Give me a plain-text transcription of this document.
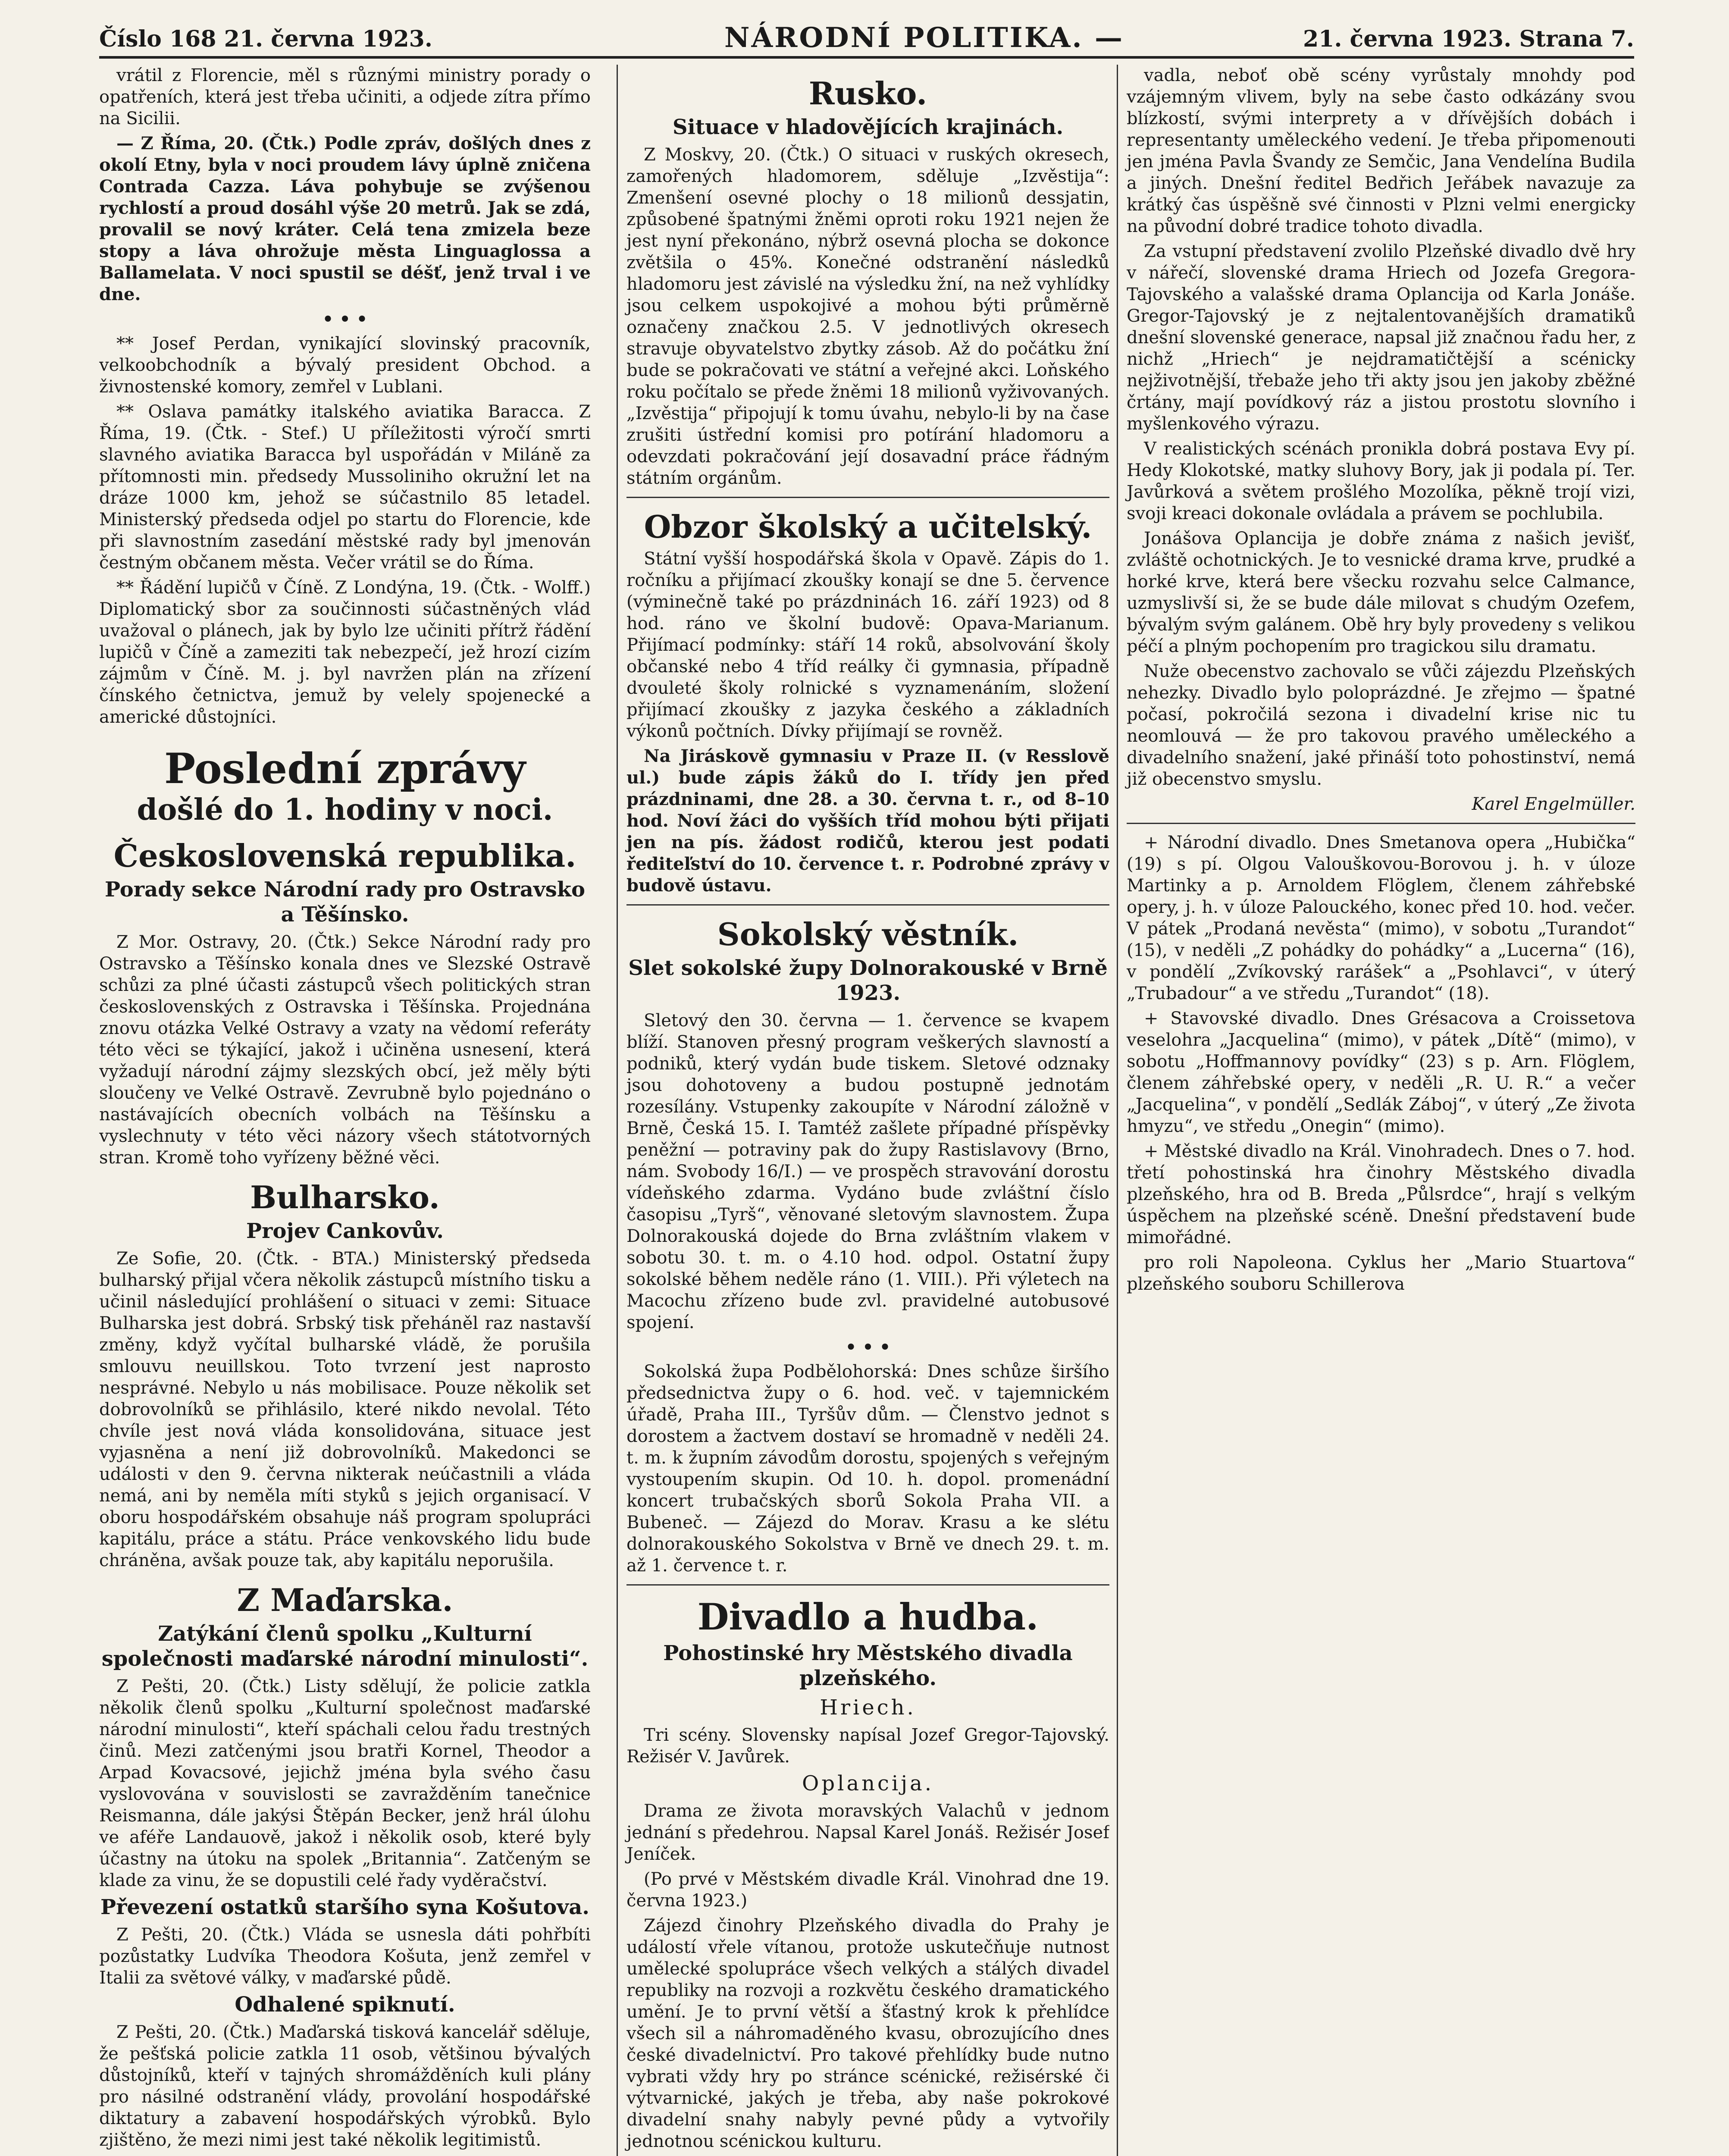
Číslo 168 21. června 1923.	NÁRODNÍ POLITIKA. —	21. června 1923. Strana 7.

vrátil z Florencie, měl s různými ministry porady o opatřeních, která jest třeba učiniti, a odjede zítra přímo na Sicilii.

— Z Říma, 20. (Čtk.) Podle zpráv, došlých dnes z okolí Etny, byla v noci proudem lávy úplně zničena Contrada Cazza. Láva pohybuje se zvýšenou rychlostí a proud dosáhl výše 20 metrů. Jak se zdá, provalil se nový kráter. Celá tena zmizela beze stopy a láva ohrožuje města Linguaglossa a Ballamelata. V noci spustil se déšť, jenž trval i ve dne.

• • •

** Josef Perdan, vynikající slovinský pracovník, velkoobchodník a bývalý president Obchod. a živnostenské komory, zemřel v Lublani.

** Oslava památky italského aviatika Baracca. Z Říma, 19. (Čtk. - Stef.) U příležitosti výročí smrti slavného aviatika Baracca byl uspořádán v Miláně za přítomnosti min. předsedy Mussoliniho okružní let na dráze 1000 km, jehož se súčastnilo 85 letadel. Ministerský předseda odjel po startu do Florencie, kde při slavnostním zasedání městské rady byl jmenován čestným občanem města. Večer vrátil se do Říma.

** Řádění lupičů v Číně. Z Londýna, 19. (Čtk. - Wolff.) Diplomatický sbor za součinnosti súčastněných vlád uvažoval o plánech, jak by bylo lze učiniti přítrž řádění lupičů v Číně a zameziti tak nebezpečí, jež hrozí cizím zájmům v Číně. M. j. byl navržen plán na zřízení čínského četnictva, jemuž by velely spojenecké a americké důstojníci.

Poslední zprávy
došlé do 1. hodiny v noci.
Československá republika.
Porady sekce Národní rady pro Ostravsko a Těšínsko.

Z Mor. Ostravy, 20. (Čtk.) Sekce Národní rady pro Ostravsko a Těšínsko konala dnes ve Slezské Ostravě schůzi za plné účasti zástupců všech politických stran československých z Ostravska i Těšínska. Projednána znovu otázka Velké Ostravy a vzaty na vědomí referáty této věci se týkající, jakož i učiněna usnesení, která vyžadují národní zájmy slezských obcí, jež měly býti sloučeny ve Velké Ostravě. Zevrubně bylo pojednáno o nastávajících obecních volbách na Těšínsku a vyslechnuty v této věci názory všech státotvorných stran. Kromě toho vyřízeny běžné věci.

Bulharsko.
Projev Cankovův.

Ze Sofie, 20. (Čtk. - BTA.) Ministerský předseda bulharský přijal včera několik zástupců místního tisku a učinil následující prohlášení o situaci v zemi: Situace Bulharska jest dobrá. Srbský tisk přeháněl raz nastavší změny, když vyčítal bulharské vládě, že porušila smlouvu neuillskou. Toto tvrzení jest naprosto nesprávné. Nebylo u nás mobilisace. Pouze několik set dobrovolníků se přihlásilo, které nikdo nevolal. Této chvíle jest nová vláda konsolidována, situace jest vyjasněna a není již dobrovolníků. Makedonci se události v den 9. června nikterak neúčastnili a vláda nemá, ani by neměla míti styků s jejich organisací. V oboru hospodářském obsahuje náš program spolupráci kapitálu, práce a státu. Práce venkovského lidu bude chráněna, avšak pouze tak, aby kapitálu neporušila.

Z Maďarska.
Zatýkání členů spolku „Kulturní společnosti maďarské národní minulosti“.

Z Pešti, 20. (Čtk.) Listy sdělují, že policie zatkla několik členů spolku „Kulturní společnost maďarské národní minulosti“, kteří spáchali celou řadu trestných činů. Mezi zatčenými jsou bratři Kornel, Theodor a Arpad Kovacsové, jejichž jména byla svého času vyslovována v souvislosti se zavražděním tanečnice Reismanna, dále jakýsi Štěpán Becker, jenž hrál úlohu ve aféře Landauově, jakož i několik osob, které byly účastny na útoku na spolek „Britannia“. Zatčeným se klade za vinu, že se dopustili celé řady vyděračství.

Převezení ostatků staršího syna Košutova.

Z Pešti, 20. (Čtk.) Vláda se usnesla dáti pohřbíti pozůstatky Ludvíka Theodora Košuta, jenž zemřel v Italii za světové války, v maďarské půdě.

Odhalené spiknutí.

Z Pešti, 20. (Čtk.) Maďarská tisková kancelář sděluje, že pešťská policie zatkla 11 osob, většinou bývalých důstojníků, kteří v tajných shromážděních kuli plány pro násilné odstranění vlády, provolání hospodářské diktatury a zabavení hospodářských výrobků. Bylo zjištěno, že mezi nimi jest také několik legitimistů.

Rusko.
Situace v hladovějících krajinách.

Z Moskvy, 20. (Čtk.) O situaci v ruských okresech, zamořených hladomorem, sděluje „Izvěstija“: Zmenšení osevné plochy o 18 milionů dessjatin, způsobené špatnými žněmi oproti roku 1921 nejen že jest nyní překonáno, nýbrž osevná plocha se dokonce zvětšila o 45%. Konečné odstranění následků hladomoru jest závislé na výsledku žní, na než vyhlídky jsou celkem uspokojivé a mohou býti průměrně označeny značkou 2.5. V jednotlivých okresech stravuje obyvatelstvo zbytky zásob. Až do počátku žní bude se pokračovati ve státní a veřejné akci. Loňského roku počítalo se přede žněmi 18 milionů vyživovaných. „Izvěstija“ připojují k tomu úvahu, nebylo-li by na čase zrušiti ústřední komisi pro potírání hladomoru a odevzdati pokračování její dosavadní práce řádným státním orgánům.

Obzor školský a učitelský.

Státní vyšší hospodářská škola v Opavě. Zápis do 1. ročníku a přijímací zkoušky konají se dne 5. července (výminečně také po prázdninách 16. září 1923) od 8 hod. ráno ve školní budově: Opava-Marianum. Přijímací podmínky: stáří 14 roků, absolvování školy občanské nebo 4 tříd reálky či gymnasia, případně dvouleté školy rolnické s vyznamenáním, složení přijímací zkoušky z jazyka českého a základních výkonů počtních. Dívky přijímají se rovněž.

Na Jiráskově gymnasiu v Praze II. (v Resslově ul.) bude zápis žáků do I. třídy jen před prázdninami, dne 28. a 30. června t. r., od 8–10 hod. Noví žáci do vyšších tříd mohou býti přijati jen na pís. žádost rodičů, kterou jest podati řediteľství do 10. července t. r. Podrobné zprávy v budově ústavu.

Sokolský věstník.
Slet sokolské župy Dolnorakouské v Brně 1923.

Sletový den 30. června — 1. července se kvapem blíží. Stanoven přesný program veškerých slavností a podniků, který vydán bude tiskem. Sletové odznaky jsou dohotoveny a budou postupně jednotám rozesílány. Vstupenky zakoupíte v Národní záložně v Brně, Česká 15. I. Tamtéž zašlete případné příspěvky peněžní — potraviny pak do župy Rastislavovy (Brno, nám. Svobody 16/I.) — ve prospěch stravování dorostu vídeňského zdarma. Vydáno bude zvláštní číslo časopisu „Tyrš“, věnované sletovým slavnostem. Župa Dolnorakouská dojede do Brna zvláštním vlakem v sobotu 30. t. m. o 4.10 hod. odpol. Ostatní župy sokolské během neděle ráno (1. VIII.). Při výletech na Macochu zřízeno bude zvl. pravidelné autobusové spojení.

• • •

Sokolská župa Podbělohorská: Dnes schůze širšího předsednictva župy o 6. hod. več. v tajemnickém úřadě, Praha III., Tyršův dům. — Členstvo jednot s dorostem a žactvem dostaví se hromadně v neděli 24. t. m. k župním závodům dorostu, spojených s veřejným vystoupením skupin. Od 10. h. dopol. promenádní koncert trubačských sborů Sokola Praha VII. a Bubeneč. — Zájezd do Morav. Krasu a ke slétu dolnorakouského Sokolstva v Brně ve dnech 29. t. m. až 1. července t. r.

Divadlo a hudba.
Pohostinské hry Městského divadla plzeňského.
Hriech.

Tri scény. Slovensky napísal Jozef Gregor-Tajovský. Režisér V. Javůrek.

Oplancija.

Drama ze života moravských Valachů v jednom jednání s předehrou. Napsal Karel Jonáš. Režisér Josef Jeníček.

(Po prvé v Městském divadle Král. Vinohrad dne 19. června 1923.)

Zájezd činohry Plzeňského divadla do Prahy je událostí vřele vítanou, protože uskutečňuje nutnost umělecké spolupráce všech velkých a stálých divadel republiky na rozvoji a rozkvětu českého dramatického umění. Je to první větší a šťastný krok k přehlídce všech sil a náhromaděného kvasu, obrozujícího dnes české divadelnictví. Pro takové přehlídky bude nutno vybrati vždy hry po stránce scénické, režisérské či výtvarnické, jakých je třeba, aby naše pokrokové divadelní snahy nabyly pevné půdy a vytvořily jednotnou scénickou kulturu.

vadla, neboť obě scény vyrůstaly mnohdy pod vzájemným vlivem, byly na sebe často odkázány svou blízkostí, svými interprety a v dřívějších dobách i representanty uměleckého vedení. Je třeba připomenouti jen jména Pavla Švandy ze Semčic, Jana Vendelína Budila a jiných. Dnešní ředitel Bedřich Jeřábek navazuje za krátký čas úspěšně své činnosti v Plzni velmi energicky na původní dobré tradice tohoto divadla.

Za vstupní představení zvolilo Plzeňské divadlo dvě hry v nářečí, slovenské drama Hriech od Jozefa Gregora-Tajovského a valašské drama Oplancija od Karla Jonáše. Gregor-Tajovský je z nejtalentovanějších dramatiků dnešní slovenské generace, napsal již značnou řadu her, z nichž „Hriech“ je nejdramatičtější a scénicky nejživotnější, třebaže jeho tři akty jsou jen jakoby zběžné črtány, mají povídkový ráz a jistou prostotu slovního i myšlenkového výrazu.

V realistických scénách pronikla dobrá postava Evy pí. Hedy Klokotské, matky sluhovy Bory, jak ji podala pí. Ter. Javůrková a světem prošlého Mozolíka, pěkně trojí vizi, svoji kreaci dokonale ovládala a právem se pochlubila.

Jonášova Oplancija je dobře známa z našich jevišť, zvláště ochotnických. Je to vesnické drama krve, prudké a horké krve, která bere všecku rozvahu selce Calmance, uzmyslivší si, že se bude dále milovat s chudým Ozefem, bývalým svým galánem. Obě hry byly provedeny s velikou péčí a plným pochopením pro tragickou silu dramatu.

Nuže obecenstvo zachovalo se vůči zájezdu Plzeňských nehezky. Divadlo bylo poloprázdné. Je zřejmo — špatné počasí, pokročilá sezona i divadelní krise nic tu neomlouvá — že pro takovou pravého uměleckého a divadelního snažení, jaké přináší toto pohostinství, nemá již obecenstvo smyslu.

Karel Engelmüller.

+ Národní divadlo. Dnes Smetanova opera „Hubička“ (19) s pí. Olgou Valouškovou-Borovou j. h. v úloze Martinky a p. Arnoldem Flöglem, členem záhřebské opery, j. h. v úloze Palouckého, konec před 10. hod. večer. V pátek „Prodaná nevěsta“ (mimo), v sobotu „Turandot“ (15), v neděli „Z pohádky do pohádky“ a „Lucerna“ (16), v pondělí „Zvíkovský rarášek“ a „Psohlavci“, v úterý „Trubadour“ a ve středu „Turandot“ (18).

+ Stavovské divadlo. Dnes Grésacova a Croissetova veselohra „Jacquelina“ (mimo), v pátek „Dítě“ (mimo), v sobotu „Hoffmannovy povídky“ (23) s p. Arn. Flöglem, členem záhřebské opery, v neděli „R. U. R.“ a večer „Jacquelina“, v pondělí „Sedlák Záboj“, v úterý „Ze života hmyzu“, ve středu „Onegin“ (mimo).

+ Městské divadlo na Král. Vinohradech. Dnes o 7. hod. třetí pohostinská hra činohry Městského divadla plzeňského, hra od B. Breda „Půlsrdce“, hrají s velkým úspěchem na plzeňské scéně. Dnešní představení bude mimořádné.

pro roli Napoleona. Cyklus her „Mario Stuartova“ plzeňského souboru Schillerova
